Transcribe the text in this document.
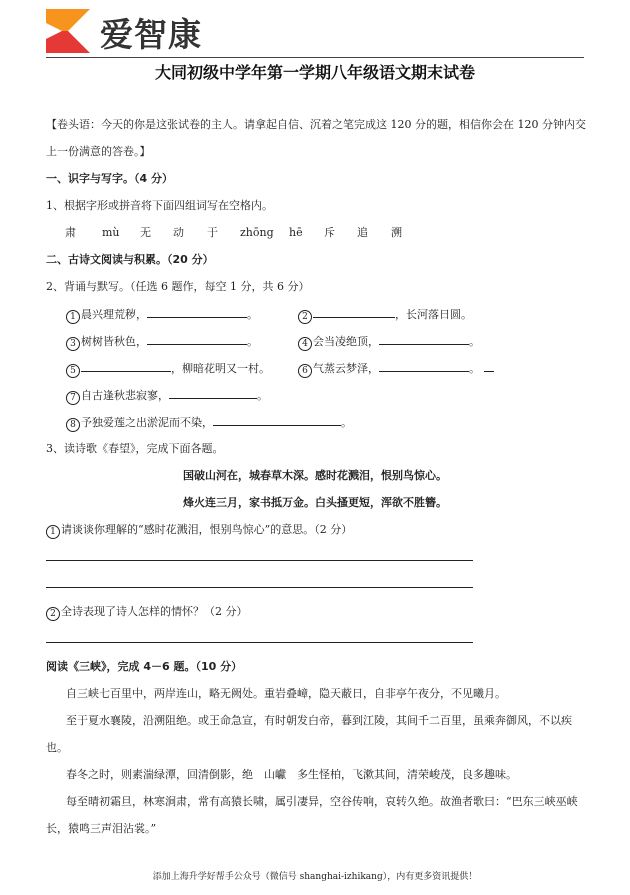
爱智康
大同初级中学年第一学期八年级语文期末试卷
【卷头语：今天的你是这张试卷的主人。请拿起自信、沉着之笔完成这 120 分的题，相信你会在 120 分钟内交
上一份满意的答卷。】
一、识字与写字。（4 分）
1、根据字形或拼音将下面四组词写在空格内。
肃 mù 无 动 于 zhōng hē 斥 追 溯
二、古诗文阅读与积累。（20 分）
2、背诵与默写。（任选 6 题作，每空 1 分，共 6 分）
1 晨兴理荒秽，	。	2	，长河落日圆。
3 树树皆秋色，	。	4 会当凌绝顶，	。
5	，柳暗花明又一村。	6 气蒸云梦泽，	。
7 自古逢秋悲寂寥，	。
8 予独爱莲之出淤泥而不染，	。
3、读诗歌《春望》，完成下面各题。
国破山河在，城春草木深。感时花溅泪，恨别鸟惊心。
烽火连三月，家书抵万金。白头搔更短，浑欲不胜簪。
1 请谈谈你理解的“感时花溅泪，恨别鸟惊心”的意思。（2 分）
2 全诗表现了诗人怎样的情怀？（2 分）
阅读《三峡》，完成 4－6 题。（10 分）
自三峡七百里中，两岸连山，略无阙处。重岩叠嶂，隐天蔽日，自非亭午夜分，不见曦月。
至于夏水襄陵，沿溯阻绝。或王命急宣，有时朝发白帝，暮到江陵，其间千二百里，虽乘奔御风，不以疾
也。
春冬之时，则素湍绿潭，回清倒影，绝　山巘　多生怪柏，飞漱其间，清荣峻茂，良多趣味。
每至晴初霜旦，林寒涧肃，常有高猿长啸，属引凄异，空谷传响，哀转久绝。故渔者歌曰：“巴东三峡巫峡
长，猿鸣三声泪沾裳。”
添加上海升学好帮手公众号（微信号 shanghai-izhikang），内有更多资讯提供！
